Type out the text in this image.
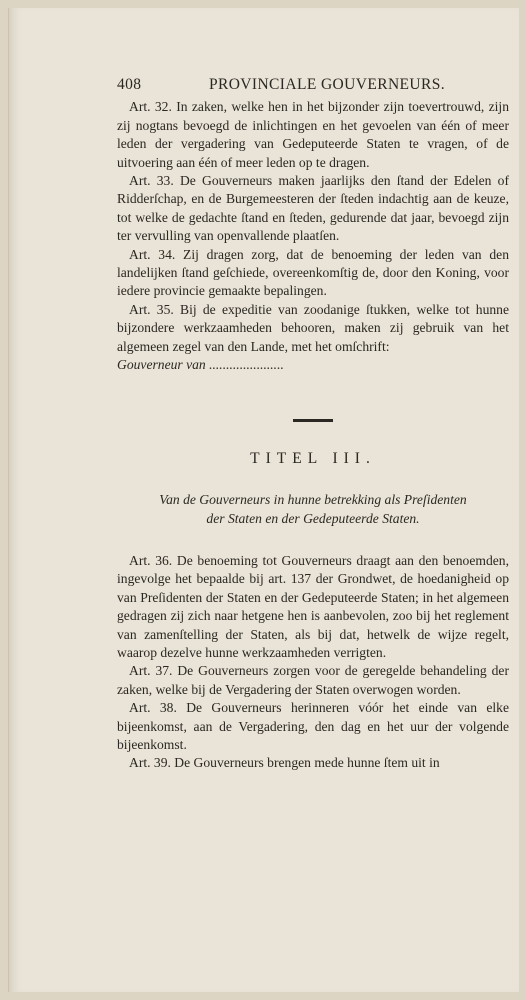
408	PROVINCIALE GOUVERNEURS.

Art. 32. In zaken, welke hen in het bijzonder zijn toevertrouwd, zijn zij nogtans bevoegd de inlichtingen en het gevoelen van één of meer leden der vergadering van Gedeputeerde Staten te vragen, of de uitvoering aan één of meer leden op te dragen.

Art. 33. De Gouverneurs maken jaarlijks den ſtand der Edelen of Ridderſchap, en de Burgemeesteren der ſteden indachtig aan de keuze, tot welke de gedachte ſtand en ſteden, gedurende dat jaar, bevoegd zijn ter vervulling van openvallende plaatſen.

Art. 34. Zij dragen zorg, dat de benoeming der leden van den landelijken ſtand geſchiede, overeenkomſtig de, door den Koning, voor iedere provincie gemaakte bepalingen.

Art. 35. Bij de expeditie van zoodanige ſtukken, welke tot hunne bijzondere werkzaamheden behooren, maken zij gebruik van het algemeen zegel van den Lande, met het omſchrift:

Gouverneur van ......................

TITEL III.
Van de Gouverneurs in hunne betrekking als Preſidenten
der Staten en der Gedeputeerde Staten.

Art. 36. De benoeming tot Gouverneurs draagt aan den benoemden, ingevolge het bepaalde bij art. 137 der Grondwet, de hoedanigheid op van Preſidenten der Staten en der Gedeputeerde Staten; in het algemeen gedragen zij zich naar hetgene hen is aanbevolen, zoo bij het reglement van zamenſtelling der Staten, als bij dat, hetwelk de wijze regelt, waarop dezelve hunne werkzaamheden verrigten.

Art. 37. De Gouverneurs zorgen voor de geregelde behandeling der zaken, welke bij de Vergadering der Staten overwogen worden.

Art. 38. De Gouverneurs herinneren vóór het einde van elke bijeenkomst, aan de Vergadering, den dag en het uur der volgende bijeenkomst.

Art. 39. De Gouverneurs brengen mede hunne ſtem uit in
